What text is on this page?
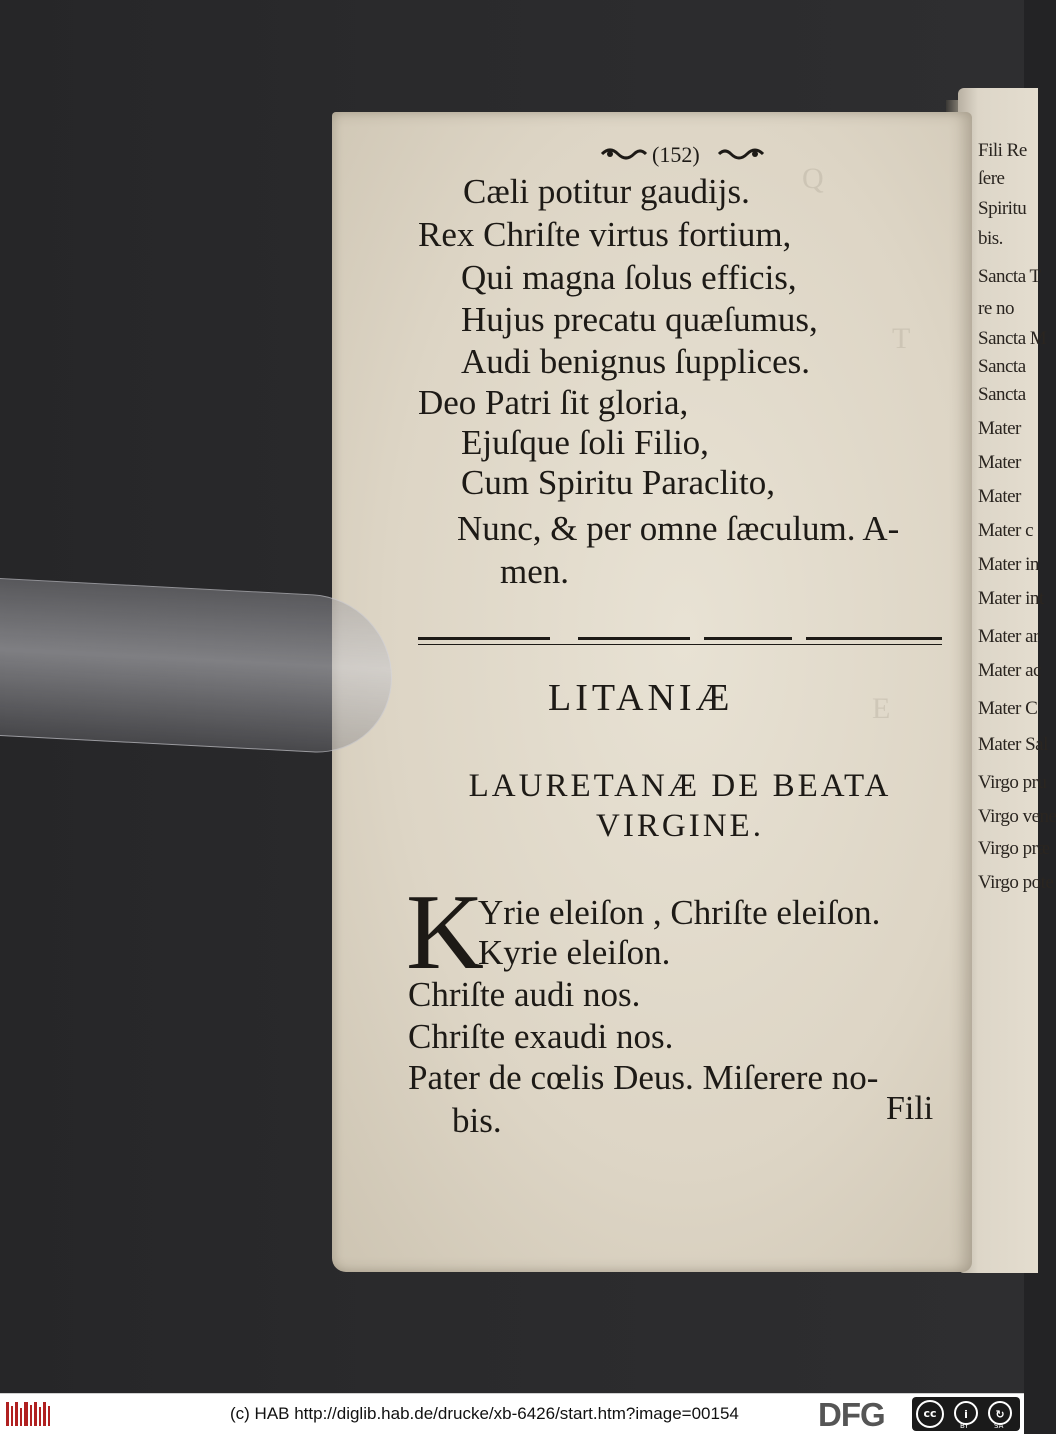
Fili Re
ſere
Spiritu
bis.
Sancta T
re no
Sancta M
Sancta
Sancta
Mater
Mater
Mater
Mater c
Mater in
Mater int
Mater ar
Mater ac
Mater C
Mater Sal
Virgo pru
Virgo vene
Virgo præ
Virgo pote
Q
T
E
(152)
Cæli potitur gaudijs.
Rex Chriſte virtus fortium,
Qui magna ſolus efficis,
Hujus precatu quæſumus,
Audi benignus ſupplices.
Deo Patri ſit gloria,
Ejuſque ſoli Filio,
Cum Spiritu Paraclito,
Nunc, & per omne ſæculum. A-
men.
LITANIÆ
LAURETANÆ DE BEATA VIRGINE.
K
Yrie eleiſon , Chriſte eleiſon.
Kyrie eleiſon.
Chriſte audi nos.
Chriſte exaudi nos.
Pater de cœlis Deus. Miſerere no-
bis.	Fili
(c) HAB http://diglib.hab.de/drucke/xb-6426/start.htm?image=00154 DFG	cc	i
BY
↻
SA
